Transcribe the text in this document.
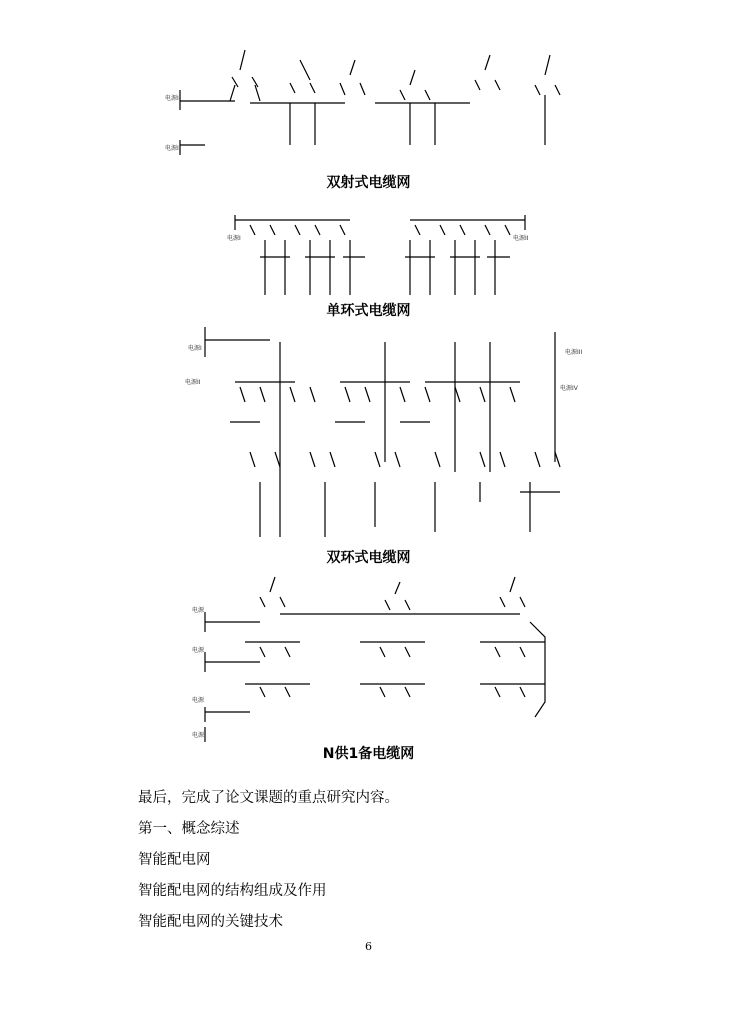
电源I
电源II
双射式电缆网
电源I	电源II
单环式电缆网
电源I
电源II
电源III
电源IV
双环式电缆网
电源
电源
电源
电源
N供1备电缆网
最后，完成了论文课题的重点研究内容。
第一、概念综述
智能配电网
智能配电网的结构组成及作用
智能配电网的关键技术
6
